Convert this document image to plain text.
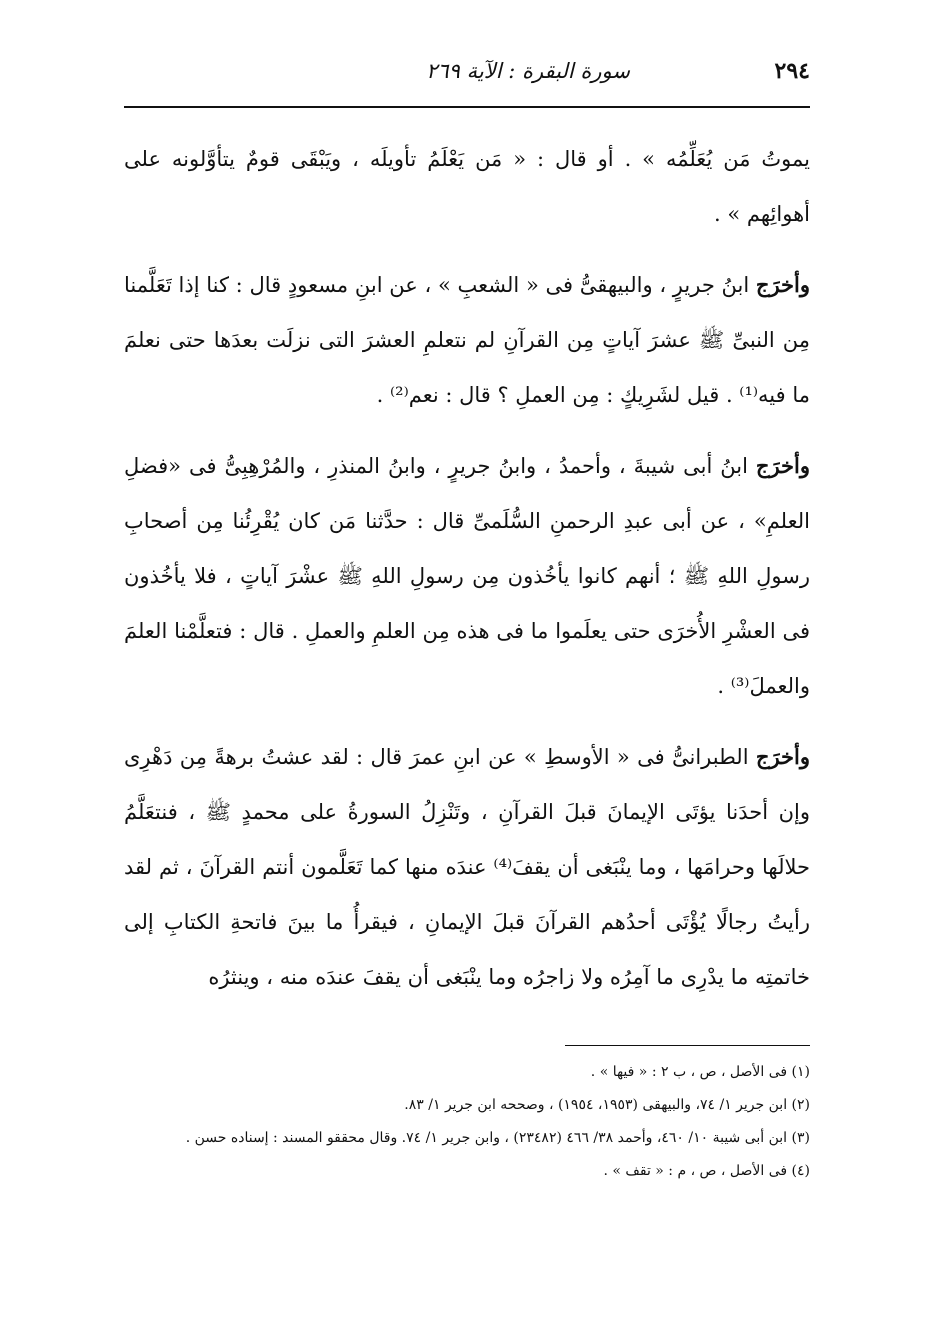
٢٩٤
سورة البقرة : الآية ٢٦٩

يموتُ مَن يُعَلِّمُه » . أو قال : « مَن يَعْلَمُ تأويلَه ، ويَبْقَى قومٌ يتأوَّلونه على أهوائِهم » .

وأخرَج ابنُ جريرٍ ، والبيهقىُّ فى « الشعبِ » ، عن ابنِ مسعودٍ قال : كنا إذا تَعَلَّمنا مِن النبىِّ ﷺ عشرَ آياتٍ مِن القرآنِ لم نتعلمِ العشرَ التى نزلَت بعدَها حتى نعلمَ ما فيه⁽¹⁾ . قيل لشَرِيكٍ : مِن العملِ ؟ قال : نعم⁽²⁾ .

وأخرَج ابنُ أبى شيبةَ ، وأحمدُ ، وابنُ جريرٍ ، وابنُ المنذرِ ، والمُرْهِبِىُّ فى «فضلِ العلمِ» ، عن أبى عبدِ الرحمنِ السُّلَمىِّ قال : حدَّثنا مَن كان يُقْرِئُنا مِن أصحابِ رسولِ اللهِ ﷺ ؛ أنهم كانوا يأخُذون مِن رسولِ اللهِ ﷺ عشْرَ آياتٍ ، فلا يأخُذون فى العشْرِ الأُخرَى حتى يعلَموا ما فى هذه مِن العلمِ والعملِ . قال : فتعلَّمْنا العلمَ والعملَ⁽³⁾ .

وأخرَج الطبرانىُّ فى « الأوسطِ » عن ابنِ عمرَ قال : لقد عشتُ برهةً مِن دَهْرِى وإن أحدَنا يؤتَى الإيمانَ قبلَ القرآنِ ، وتَنْزِلُ السورةُ على محمدٍ ﷺ ، فنتعَلَّمُ حلالَها وحرامَها ، وما ينْبَغى أن يقفَ⁽⁴⁾ عندَه منها كما تَعَلَّمون أنتم القرآنَ ، ثم لقد رأيتُ رجالًا يُؤْتَى أحدُهم القرآنَ قبلَ الإيمانِ ، فيقرأُ ما بينَ فاتحةِ الكتابِ إلى خاتمتِه ما يدْرِى ما آمِرُه ولا زاجرُه وما ينْبَغى أن يقفَ عندَه منه ، وينثرُه

(١) فى الأصل ، ص ، ب ٢ : « فيها » .

(٢) ابن جرير ١/ ٧٤، والبيهقى (١٩٥٣، ١٩٥٤) ، وصححه ابن جرير ١/ ٨٣.

(٣) ابن أبى شيبة ١٠/ ٤٦٠، وأحمد ٣٨/ ٤٦٦ (٢٣٤٨٢) ، وابن جرير ١/ ٧٤. وقال محققو المسند : إسناده حسن .

(٤) فى الأصل ، ص ، م : « تقف » .
